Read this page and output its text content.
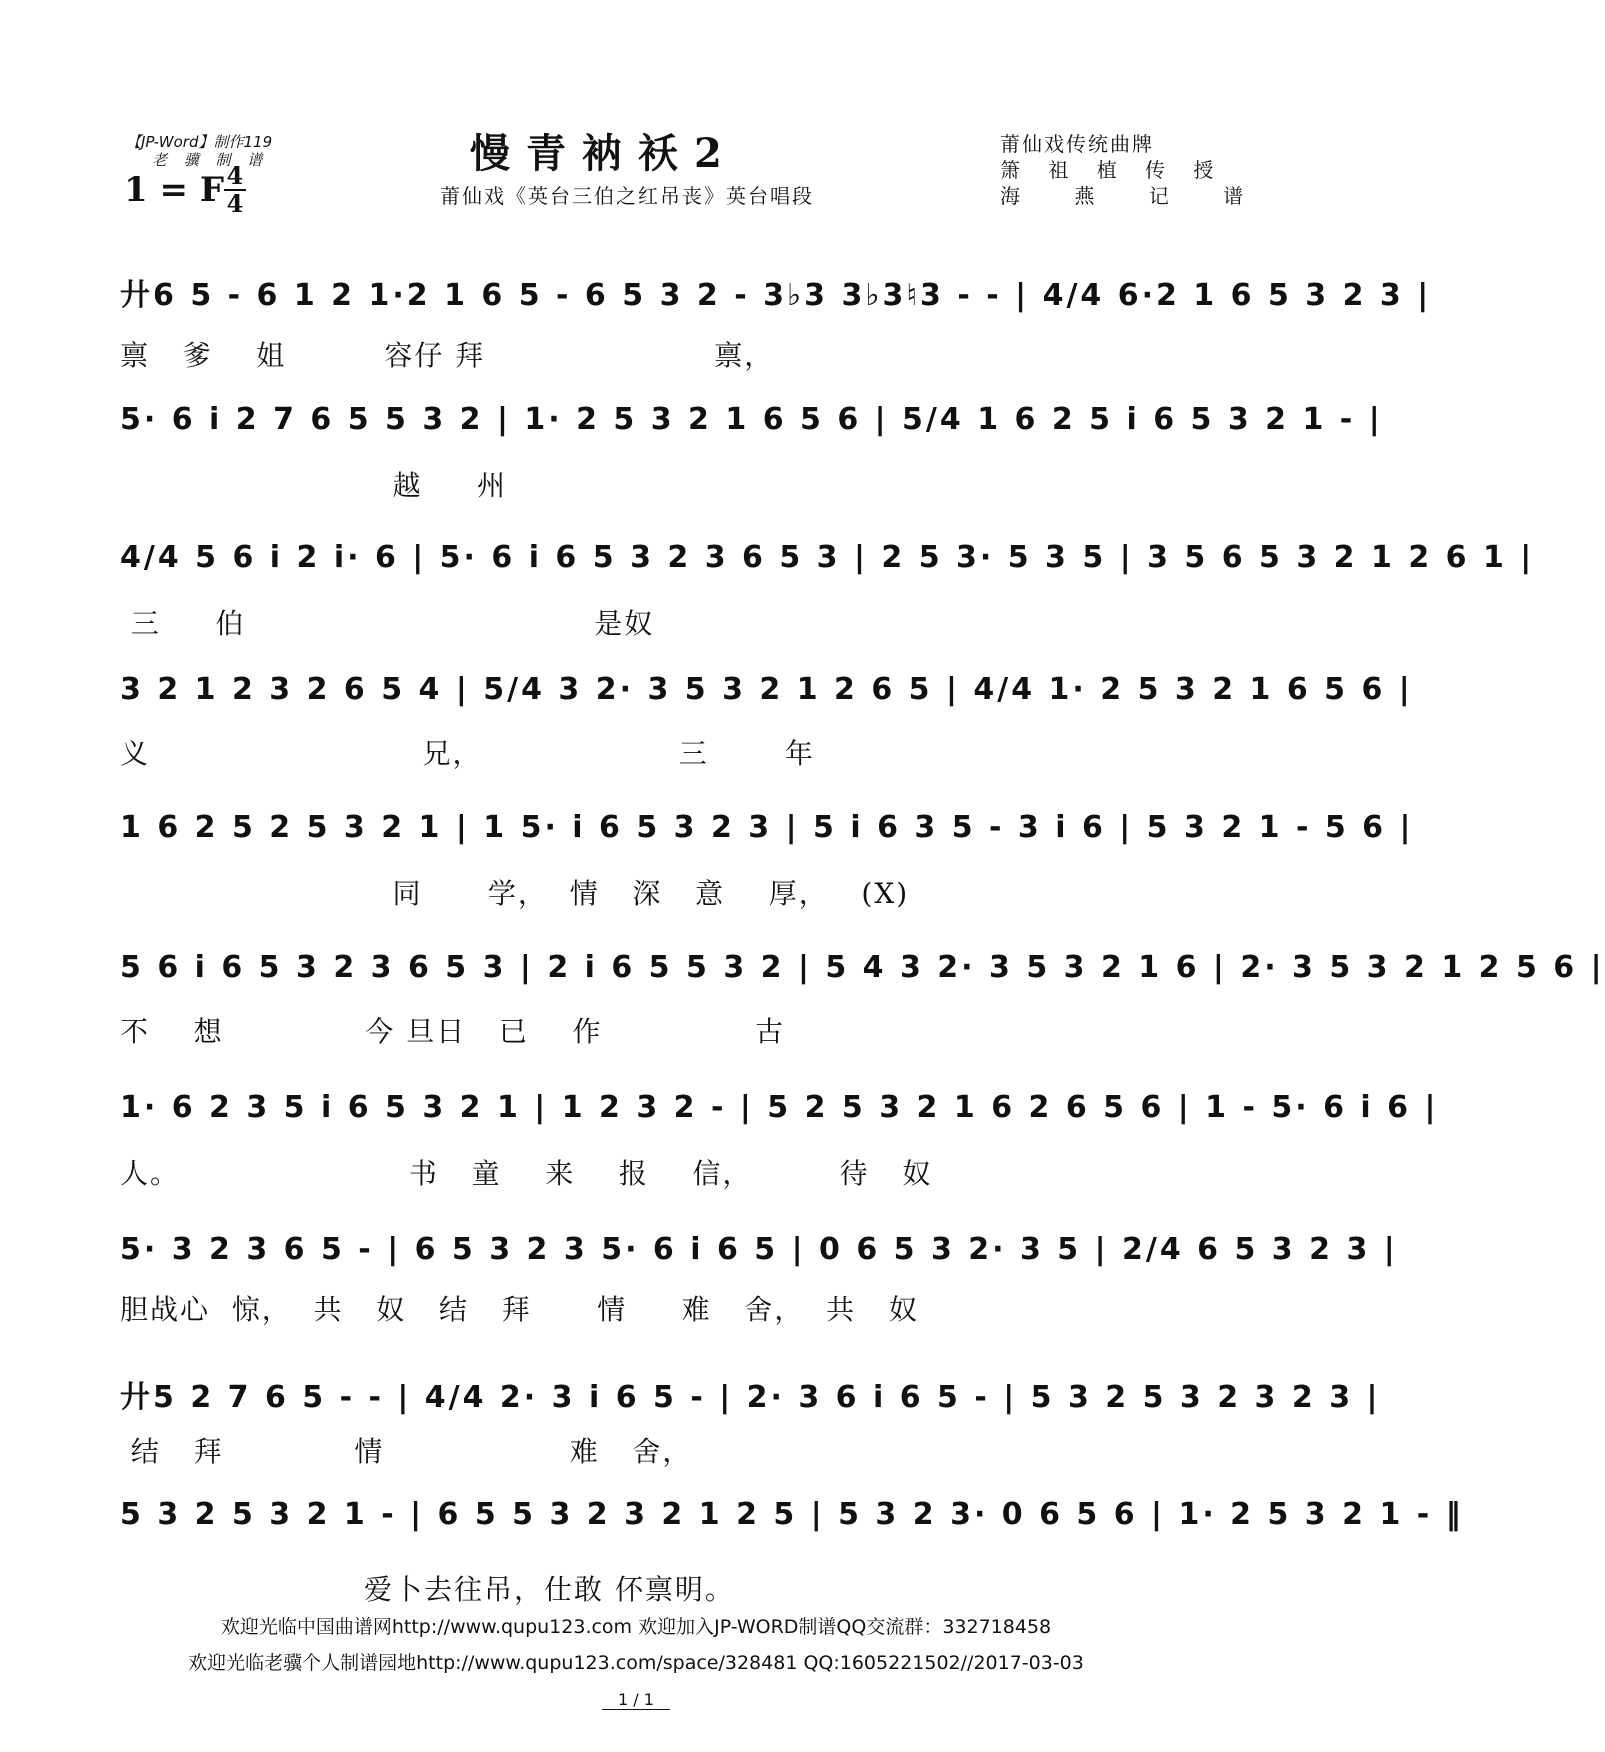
【JP-Word】制作119
老 骥 制 谱
1 = F 4
4
慢青衲袄2
莆仙戏《英台三伯之红吊丧》英台唱段
莆仙戏传统曲牌
箫 祖 植 传 授
海 燕 记 谱
廾6 5 - 6 1 2 1·2 1 6 5 - 6 5 3 2 - 3♭3 3♭3♮3 - - | 4/4 6·2 1 6 5 3 2 3 |
禀   爹    姐         容仔 拜                     禀，
5· 6 i 2 7 6 5 5 3 2 | 1· 2 5 3 2 1 6 5 6 | 5/4 1 6 2 5 i 6 5 3 2 1 - |
越     州
4/4 5 6 i 2 i· 6 | 5· 6 i 6 5 3 2 3 6 5 3 | 2 5 3· 5 3 5 | 3 5 6 5 3 2 1 2 6 1 |
三     伯                                是奴
3 2 1 2 3 2 6 5 4 | 5/4 3 2· 3 5 3 2 1 2 6 5 | 4/4 1· 2 5 3 2 1 6 5 6 |
义                         兄，                  三       年
1 6 2 5 2 5 3 2 1 | 1 5· i 6 5 3 2 3 | 5 i 6 3 5 - 3 i 6 | 5 3 2 1 - 5 6 |
同      学，  情   深   意    厚，   (X)
5 6 i 6 5 3 2 3 6 5 3 | 2 i 6 5 5 3 2 | 5 4 3 2· 3 5 3 2 1 6 | 2· 3 5 3 2 1 2 5 6 |
不    想             今 旦日   已    作              古
1· 6 2 3 5 i 6 5 3 2 1 | 1 2 3 2 - | 5 2 5 3 2 1 6 2 6 5 6 | 1 - 5· 6 i 6 |
人。                     书   童    来    报    信，        待   奴
5· 3 2 3 6 5 - | 6 5 3 2 3 5· 6 i 6 5 | 0 6 5 3 2· 3 5 | 2/4 6 5 3 2 3 |
胆战心  惊，  共   奴   结   拜      情     难   舍，  共   奴
廾5 2 7 6 5 - - | 4/4 2· 3 i 6 5 - | 2· 3 6 i 6 5 - | 5 3 2 5 3 2 3 2 3 |
结   拜            情                 难   舍，
5 3 2 5 3 2 1 - | 6 5 5 3 2 3 2 1 2 5 | 5 3 2 3· 0 6 5 6 | 1· 2 5 3 2 1 - ‖
爱卜去往吊，仕敢 伓禀明。
欢迎光临中国曲谱网http://www.qupu123.com 欢迎加入JP-WORD制谱QQ交流群：332718458
欢迎光临老骥个人制谱园地http://www.qupu123.com/space/328481 QQ:1605221502//2017-03-03
1 / 1
